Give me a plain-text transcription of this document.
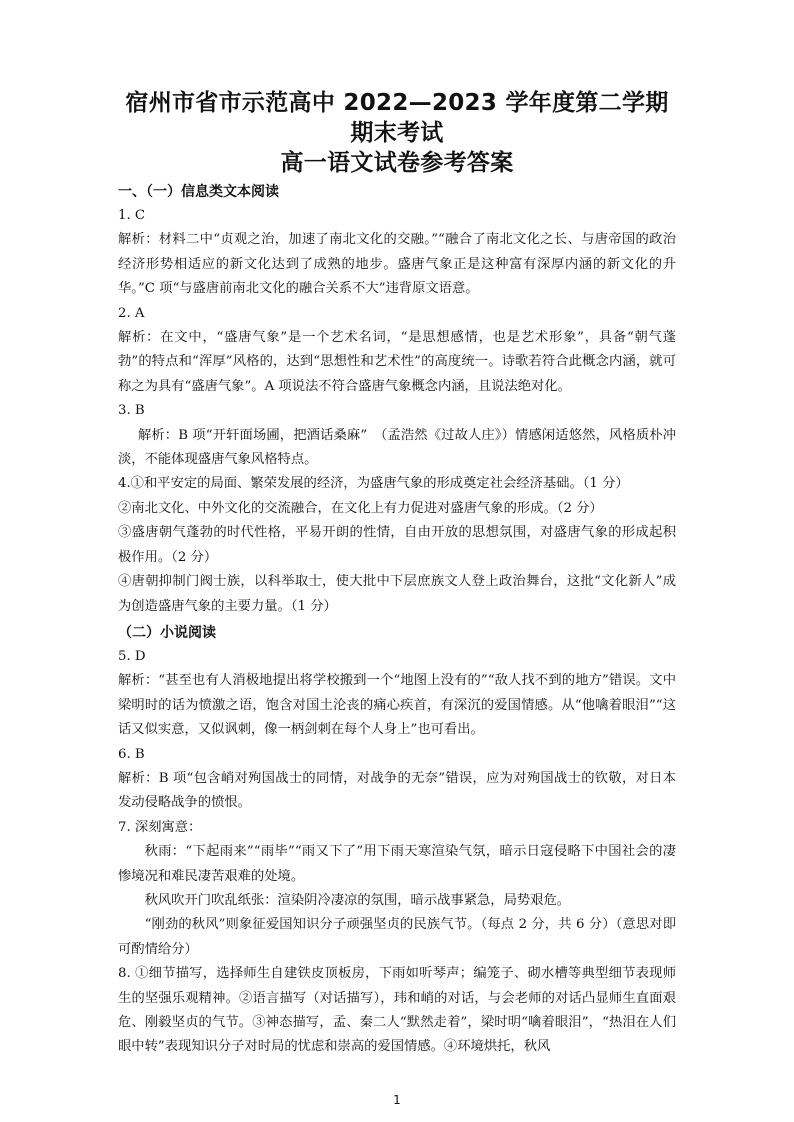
宿州市省市示范高中 2022—2023 学年度第二学期期末考试

高一语文试卷参考答案

一、（一）信息类文本阅读

1. C

解析：材料二中“贞观之治，加速了南北文化的交融。”“融合了南北文化之长、与唐帝国的政治经济形势相适应的新文化达到了成熟的地步。盛唐气象正是这种富有深厚内涵的新文化的升华。”C 项“与盛唐前南北文化的融合关系不大”违背原文语意。

2. A

解析：在文中，“盛唐气象”是一个艺术名词，“是思想感情，也是艺术形象”，具备“朝气蓬勃”的特点和“浑厚”风格的，达到“思想性和艺术性”的高度统一。诗歌若符合此概念内涵，就可称之为具有“盛唐气象”。A 项说法不符合盛唐气象概念内涵，且说法绝对化。

3. B

解析：B 项“开轩面场圃，把酒话桑麻”　（孟浩然《过故人庄》）情感闲适悠然，风格质朴冲淡，不能体现盛唐气象风格特点。

4.①和平安定的局面、繁荣发展的经济，为盛唐气象的形成奠定社会经济基础。（1 分）

②南北文化、中外文化的交流融合，在文化上有力促进对盛唐气象的形成。（2 分）

③盛唐朝气蓬勃的时代性格，平易开朗的性情，自由开放的思想氛围，对盛唐气象的形成起积极作用。（2 分）

④唐朝抑制门阀士族，以科举取士，使大批中下层庶族文人登上政治舞台，这批“文化新人”成为创造盛唐气象的主要力量。（1 分）

（二）小说阅读

5. D

解析：“甚至也有人消极地提出将学校搬到一个“地图上没有的”“敌人找不到的地方”错误。文中梁明时的话为愤激之语，饱含对国土沦丧的痛心疾首，有深沉的爱国情感。从“他噙着眼泪”“这话又似实意，又似讽刺，像一柄剑刺在每个人身上”也可看出。

6. B

解析：B 项“包含峭对殉国战士的同情，对战争的无奈”错误，应为对殉国战士的钦敬，对日本发动侵略战争的愤恨。

7. 深刻寓意：

秋雨：“下起雨来”“雨毕”“雨又下了”用下雨天寒渲染气氛，暗示日寇侵略下中国社会的凄惨境况和难民凄苦艰难的处境。

秋风吹开门吹乱纸张：渲染阴冷凄凉的氛围，暗示战事紧急，局势艰危。

“刚劲的秋风”则象征爱国知识分子顽强坚贞的民族气节。（每点 2 分，共 6 分）（意思对即可酌情给分）

8. ①细节描写，选择师生自建铁皮顶板房，下雨如听琴声；编笼子、砌水槽等典型细节表现师生的坚强乐观精神。②语言描写（对话描写），玮和峭的对话，与会老师的对话凸显师生直面艰危、刚毅坚贞的气节。③神态描写，孟、秦二人“默然走着”，梁时明“噙着眼泪”，“热泪在人们眼中转”表现知识分子对时局的忧虑和崇高的爱国情感。④环境烘托，秋风

1
